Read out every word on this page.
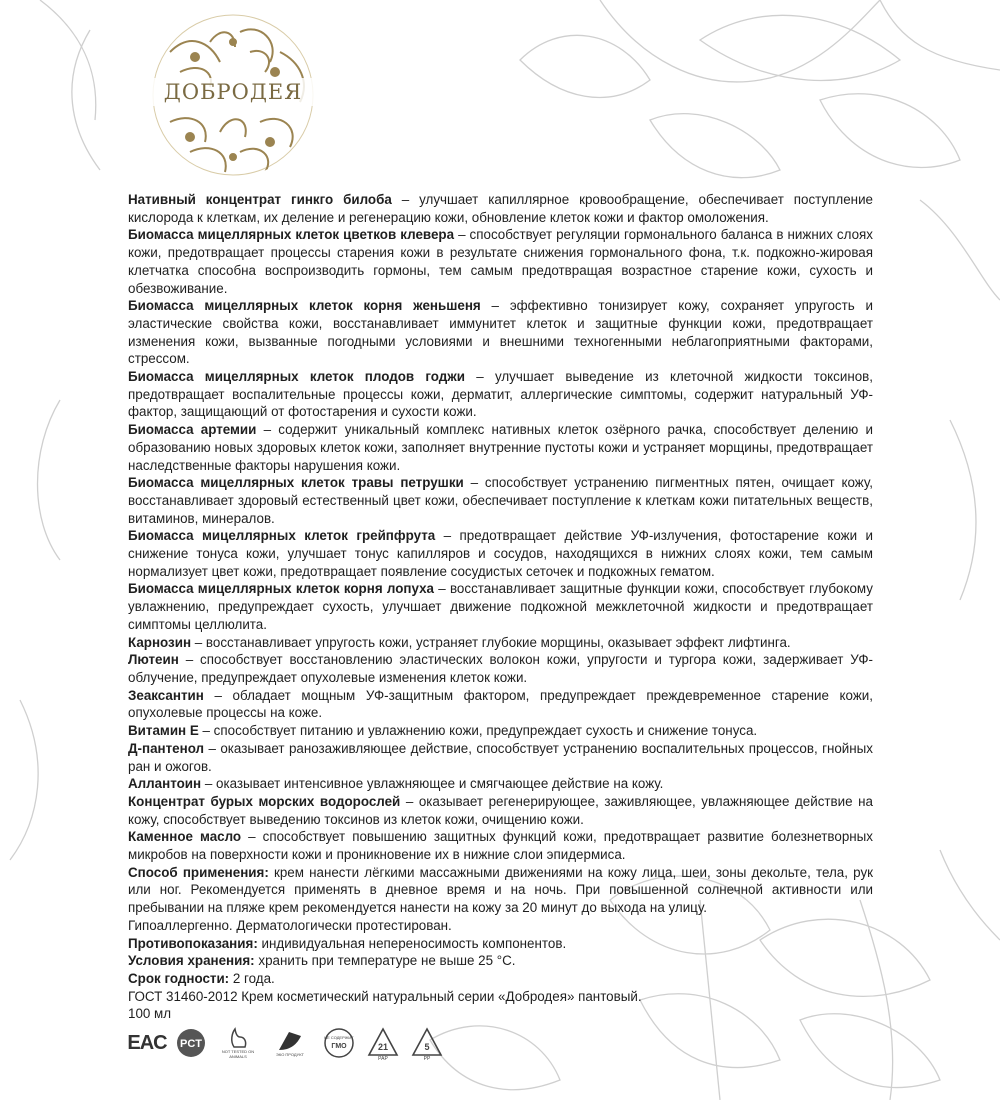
ДОБРОДЕЯ

Нативный концентрат гинкго билоба – улучшает капиллярное кровообращение, обеспечивает поступление кислорода к клеткам, их деление и регенерацию кожи, обновление клеток кожи и фактор омоложения.

Биомасса мицеллярных клеток цветков клевера – способствует регуляции гормонального баланса в нижних слоях кожи, предотвращает процессы старения кожи в результате снижения гормонального фона, т.к. подкожно-жировая клетчатка способна воспроизводить гормоны, тем самым предотвращая возрастное старение кожи, сухость и обезвоживание.

Биомасса мицеллярных клеток корня женьшеня – эффективно тонизирует кожу, сохраняет упругость и эластические свойства кожи, восстанавливает иммунитет клеток и защитные функции кожи, предотвращает изменения кожи, вызванные погодными условиями и внешними техногенными неблагоприятными факторами, стрессом.

Биомасса мицеллярных клеток плодов годжи – улучшает выведение из клеточной жидкости токсинов, предотвращает воспалительные процессы кожи, дерматит, аллергические симптомы, содержит натуральный УФ-фактор, защищающий от фотостарения и сухости кожи.

Биомасса артемии – содержит уникальный комплекс нативных клеток озёрного рачка, способствует делению и образованию новых здоровых клеток кожи, заполняет внутренние пустоты кожи и устраняет морщины, предотвращает наследственные факторы нарушения кожи.

Биомасса мицеллярных клеток травы петрушки – способствует устранению пигментных пятен, очищает кожу, восстанавливает здоровый естественный цвет кожи, обеспечивает поступление к клеткам кожи питательных веществ, витаминов, минералов.

Биомасса мицеллярных клеток грейпфрута – предотвращает действие УФ-излучения, фотостарение кожи и снижение тонуса кожи, улучшает тонус капилляров и сосудов, находящихся в нижних слоях кожи, тем самым нормализует цвет кожи, предотвращает появление сосудистых сеточек и подкожных гематом.

Биомасса мицеллярных клеток корня лопуха – восстанавливает защитные функции кожи, способствует глубокому увлажнению, предупреждает сухость, улучшает движение подкожной межклеточной жидкости и предотвращает симптомы целлюлита.

Карнозин – восстанавливает упругость кожи, устраняет глубокие морщины, оказывает эффект лифтинга.

Лютеин – способствует восстановлению эластических волокон кожи, упругости и тургора кожи, задерживает УФ-облучение, предупреждает опухолевые изменения клеток кожи.

Зеаксантин – обладает мощным УФ-защитным фактором, предупреждает преждевременное старение кожи, опухолевые процессы на коже.

Витамин Е – способствует питанию и увлажнению кожи, предупреждает сухость и снижение тонуса.

Д-пантенол – оказывает ранозаживляющее действие, способствует устранению воспалительных процессов, гнойных ран и ожогов.

Аллантоин – оказывает интенсивное увлажняющее и смягчающее действие на кожу.

Концентрат бурых морских водорослей – оказывает регенерирующее, заживляющее, увлажняющее действие на кожу, способствует выведению токсинов из клеток кожи, очищению кожи.

Каменное масло – способствует повышению защитных функций кожи, предотвращает развитие болезнетворных микробов на поверхности кожи и проникновение их в нижние слои эпидермиса.

Способ применения: крем нанести лёгкими массажными движениями на кожу лица, шеи, зоны декольте, тела, рук или ног. Рекомендуется применять в дневное время и на ночь. При повышенной солнечной активности или пребывании на пляже крем рекомендуется нанести на кожу за 20 минут до выхода на улицу.

Гипоаллергенно. Дерматологически протестирован.

Противопоказания: индивидуальная непереносимость компонентов.

Условия хранения: хранить при температуре не выше 25 °C.

Срок годности: 2 года.

ГОСТ 31460-2012 Крем косметический натуральный серии «Добродея» пантовый.

100 мл

EAC PCT
NOT TESTED ON ANIMALS	ЭКО ПРОДУКТ
НЕ СОДЕРЖИТ
ГМО	21
PAP
5
PP
